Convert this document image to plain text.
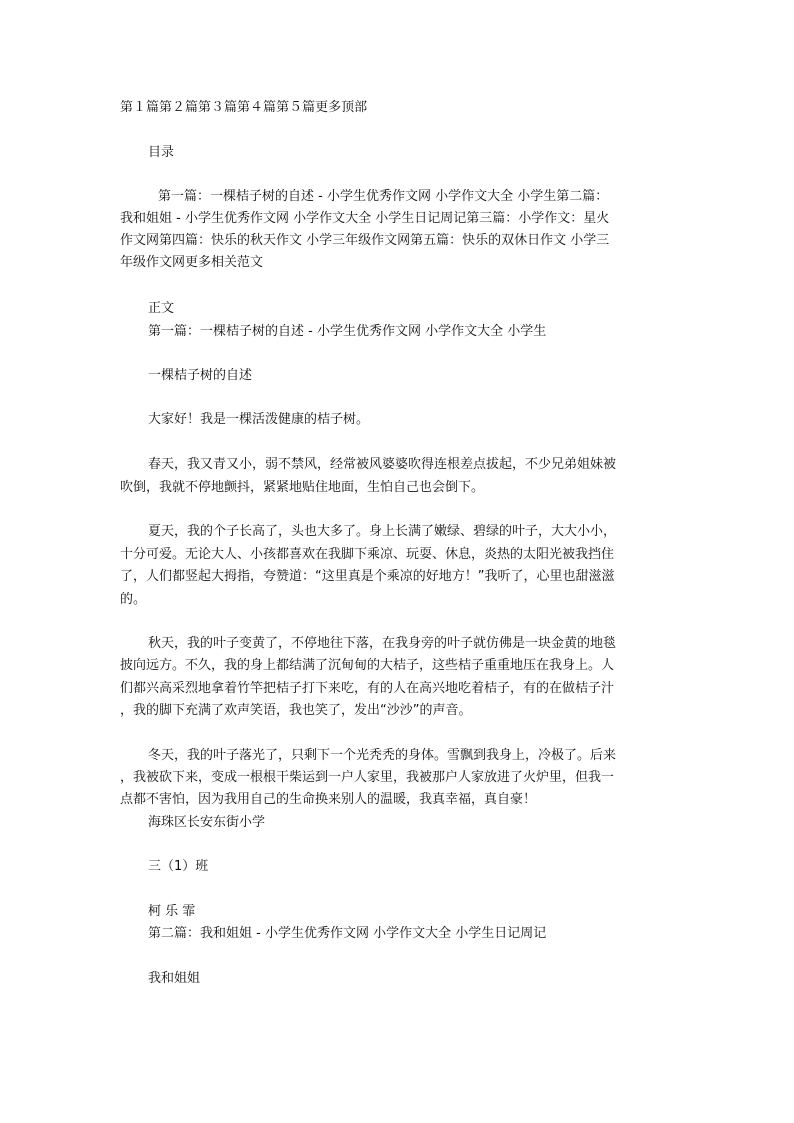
第１篇第２篇第３篇第４篇第５篇更多顶部
目录
第一篇：一棵桔子树的自述 - 小学生优秀作文网 小学作文大全 小学生第二篇：
我和姐姐 - 小学生优秀作文网 小学作文大全 小学生日记周记第三篇：小学作文：星火
作文网第四篇：快乐的秋天作文 小学三年级作文网第五篇：快乐的双休日作文 小学三
年级作文网更多相关范文
正文
第一篇：一棵桔子树的自述 - 小学生优秀作文网 小学作文大全 小学生
一棵桔子树的自述
大家好！我是一棵活泼健康的桔子树。
春天，我又青又小，弱不禁风，经常被风婆婆吹得连根差点拔起，不少兄弟姐妹被
吹倒，我就不停地颤抖，紧紧地贴住地面，生怕自己也会倒下。
夏天，我的个子长高了，头也大多了。身上长满了嫩绿、碧绿的叶子，大大小小，
十分可爱。无论大人、小孩都喜欢在我脚下乘凉、玩耍、休息，炎热的太阳光被我挡住
了，人们都竖起大拇指，夸赞道：“这里真是个乘凉的好地方！”我听了，心里也甜滋滋
的。
秋天，我的叶子变黄了，不停地往下落，在我身旁的叶子就仿佛是一块金黄的地毯
披向远方。不久，我的身上都结满了沉甸甸的大桔子，这些桔子重重地压在我身上。人
们都兴高采烈地拿着竹竿把桔子打下来吃，有的人在高兴地吃着桔子，有的在做桔子汁
，我的脚下充满了欢声笑语，我也笑了，发出“沙沙”的声音。
冬天，我的叶子落光了，只剩下一个光秃秃的身体。雪飘到我身上，冷极了。后来
，我被砍下来，变成一根根干柴运到一户人家里，我被那户人家放进了火炉里，但我一
点都不害怕，因为我用自己的生命换来别人的温暖，我真幸福，真自豪！
海珠区长安东街小学
三（1）班
柯 乐 霏
第二篇：我和姐姐 - 小学生优秀作文网 小学作文大全 小学生日记周记
我和姐姐
